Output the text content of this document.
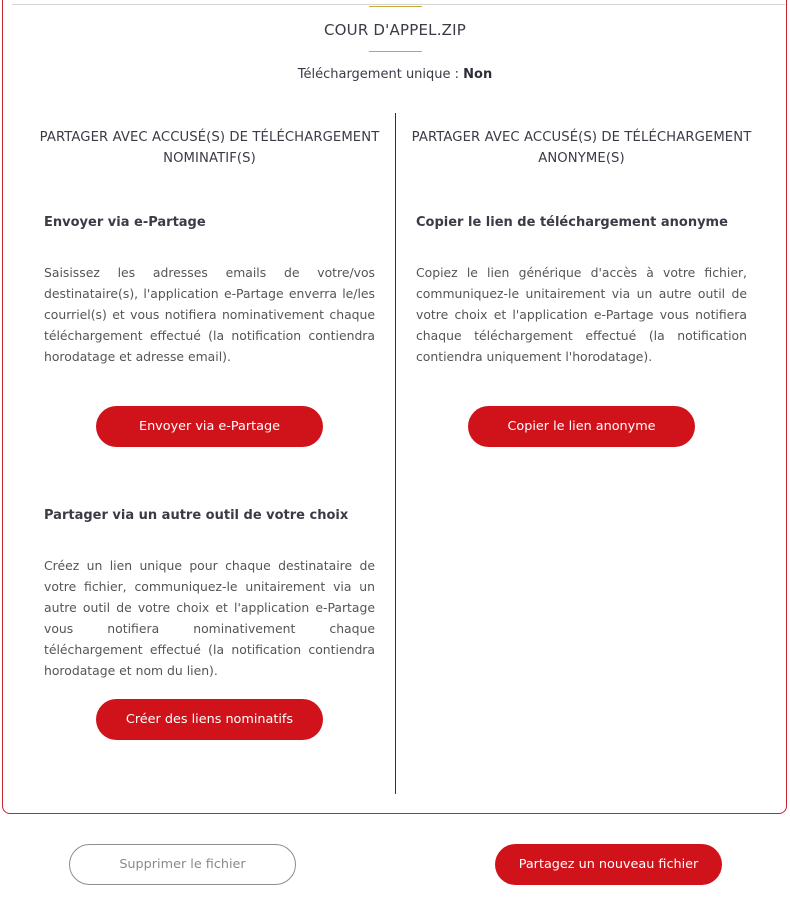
COUR D'APPEL.ZIP
Téléchargement unique : Non
PARTAGER AVEC ACCUSÉ(S) DE TÉLÉCHARGEMENT
NOMINATIF(S)
Envoyer via e-Partage
Saisissez les adresses emails de votre/vos destinataire(s), l'application e-Partage enverra le/les courriel(s) et vous notifiera nominativement chaque téléchargement effectué (la notification contiendra horodatage et adresse email).
Envoyer via e-Partage
Partager via un autre outil de votre choix
Créez un lien unique pour chaque destinataire de votre fichier, communiquez-le unitairement via un autre outil de votre choix et l'application e-Partage vous notifiera nominativement chaque téléchargement effectué (la notification contiendra horodatage et nom du lien).
Créer des liens nominatifs
PARTAGER AVEC ACCUSÉ(S) DE TÉLÉCHARGEMENT
ANONYME(S)
Copier le lien de téléchargement anonyme
Copiez le lien générique d'accès à votre fichier, communiquez-le unitairement via un autre outil de votre choix et l'application e-Partage vous notifiera chaque téléchargement effectué (la notification contiendra uniquement l'horodatage).
Copier le lien anonyme
Supprimer le fichier	Partagez un nouveau fichier
